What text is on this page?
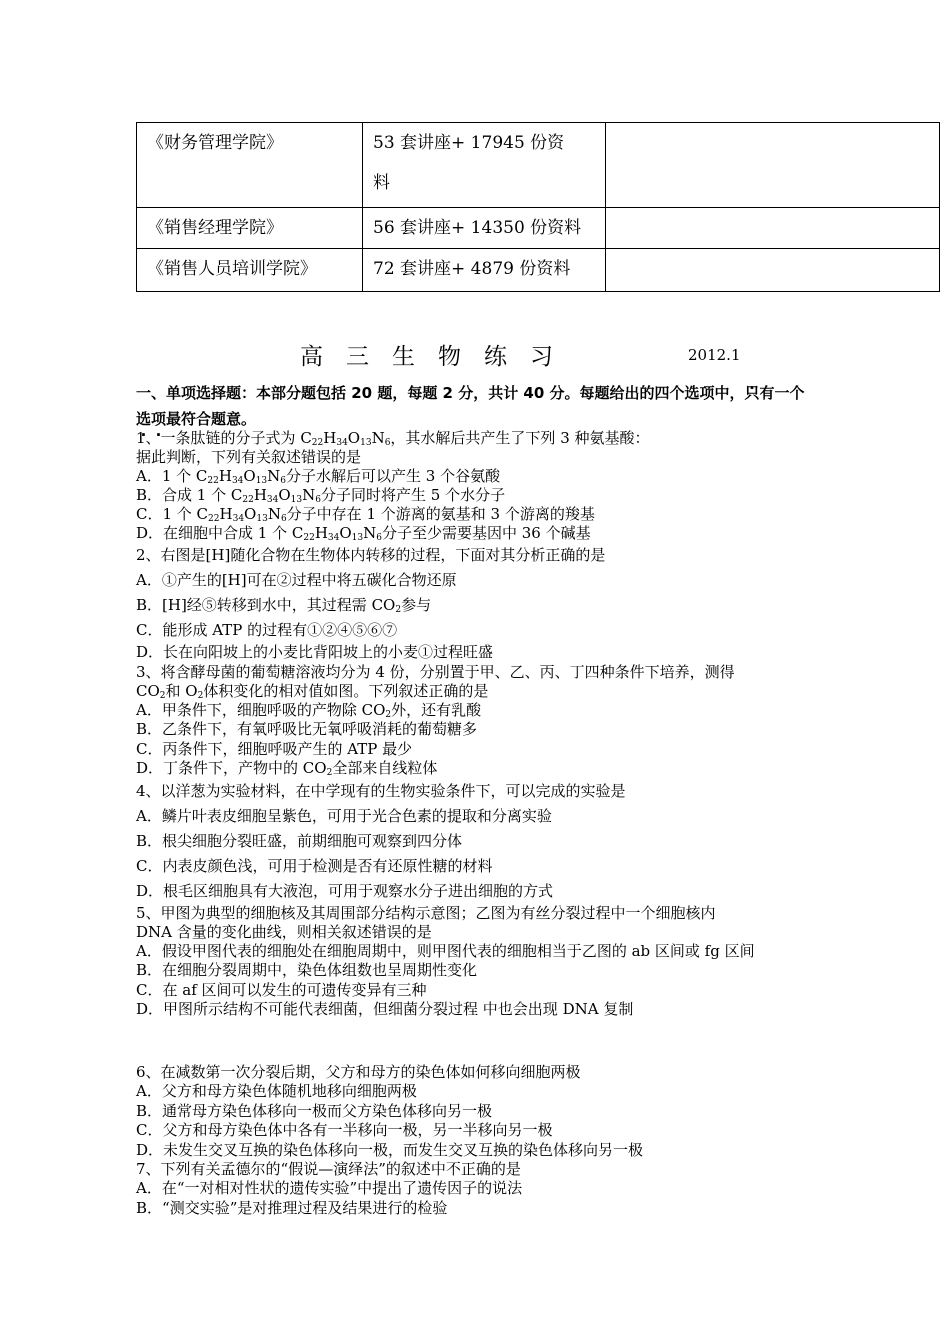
《财务管理学院》	53 套讲座+ 17945 份资
料	
《销售经理学院》	56 套讲座+ 14350 份资料	
《销售人员培训学院》	72 套讲座+ 4879 份资料	
高三生物练习	2012.1
一、单项选择题：本部分题包括 20 题，每题 2 分，共计 40 分。每题给出的四个选项中，只有一个选项最符合题意。
1、一条肽链的分子式为 $C_{22}H_{34}O_{13}N_6$，其水解后共产生了下列 3 种氨基酸：
据此判断，下列有关叙述错误的是
A．1 个 $C_{22}H_{34}O_{13}N_6$分子水解后可以产生 3 个谷氨酸
B．合成 1 个 $C_{22}H_{34}O_{13}N_6$分子同时将产生 5 个水分子
C．1 个 $C_{22}H_{34}O_{13}N_6$分子中存在 1 个游离的氨基和 3 个游离的羧基
D．在细胞中合成 1 个 $C_{22}H_{34}O_{13}N_6$分子至少需要基因中 36 个碱基
2、右图是[H]随化合物在生物体内转移的过程，下面对其分析正确的是
A．①产生的[H]可在②过程中将五碳化合物还原
B．[H]经⑤转移到水中，其过程需 $CO_2$参与
C．能形成 ATP 的过程有①②④⑤⑥⑦
D．长在向阳坡上的小麦比背阳坡上的小麦①过程旺盛
3、将含酵母菌的葡萄糖溶液均分为 4 份，分别置于甲、乙、丙、丁四种条件下培养，测得
$CO_2$和 $O_2$体积变化的相对值如图。下列叙述正确的是
A．甲条件下，细胞呼吸的产物除 $CO_2$外，还有乳酸
B．乙条件下，有氧呼吸比无氧呼吸消耗的葡萄糖多
C．丙条件下，细胞呼吸产生的 ATP 最少
D．丁条件下，产物中的 $CO_2$全部来自线粒体
4、以洋葱为实验材料，在中学现有的生物实验条件下，可以完成的实验是
A．鳞片叶表皮细胞呈紫色，可用于光合色素的提取和分离实验
B．根尖细胞分裂旺盛，前期细胞可观察到四分体
C．内表皮颜色浅，可用于检测是否有还原性糖的材料
D．根毛区细胞具有大液泡，可用于观察水分子进出细胞的方式
5、甲图为典型的细胞核及其周围部分结构示意图；乙图为有丝分裂过程中一个细胞核内
DNA 含量的变化曲线，则相关叙述错误的是
A．假设甲图代表的细胞处在细胞周期中，则甲图代表的细胞相当于乙图的 ab 区间或 fg 区间
B．在细胞分裂周期中，染色体组数也呈周期性变化
C．在 af 区间可以发生的可遗传变异有三种
D．甲图所示结构不可能代表细菌，但细菌分裂过程 中也会出现 DNA 复制
6、在减数第一次分裂后期，父方和母方的染色体如何移向细胞两极
A．父方和母方染色体随机地移向细胞两极
B．通常母方染色体移向一极而父方染色体移向另一极
C．父方和母方染色体中各有一半移向一极，另一半移向另一极
D．未发生交叉互换的染色体移向一极，而发生交叉互换的染色体移向另一极
7、下列有关孟德尔的“假说—演绎法”的叙述中不正确的是
A．在“一对相对性状的遗传实验”中提出了遗传因子的说法
B．“测交实验”是对推理过程及结果进行的检验
